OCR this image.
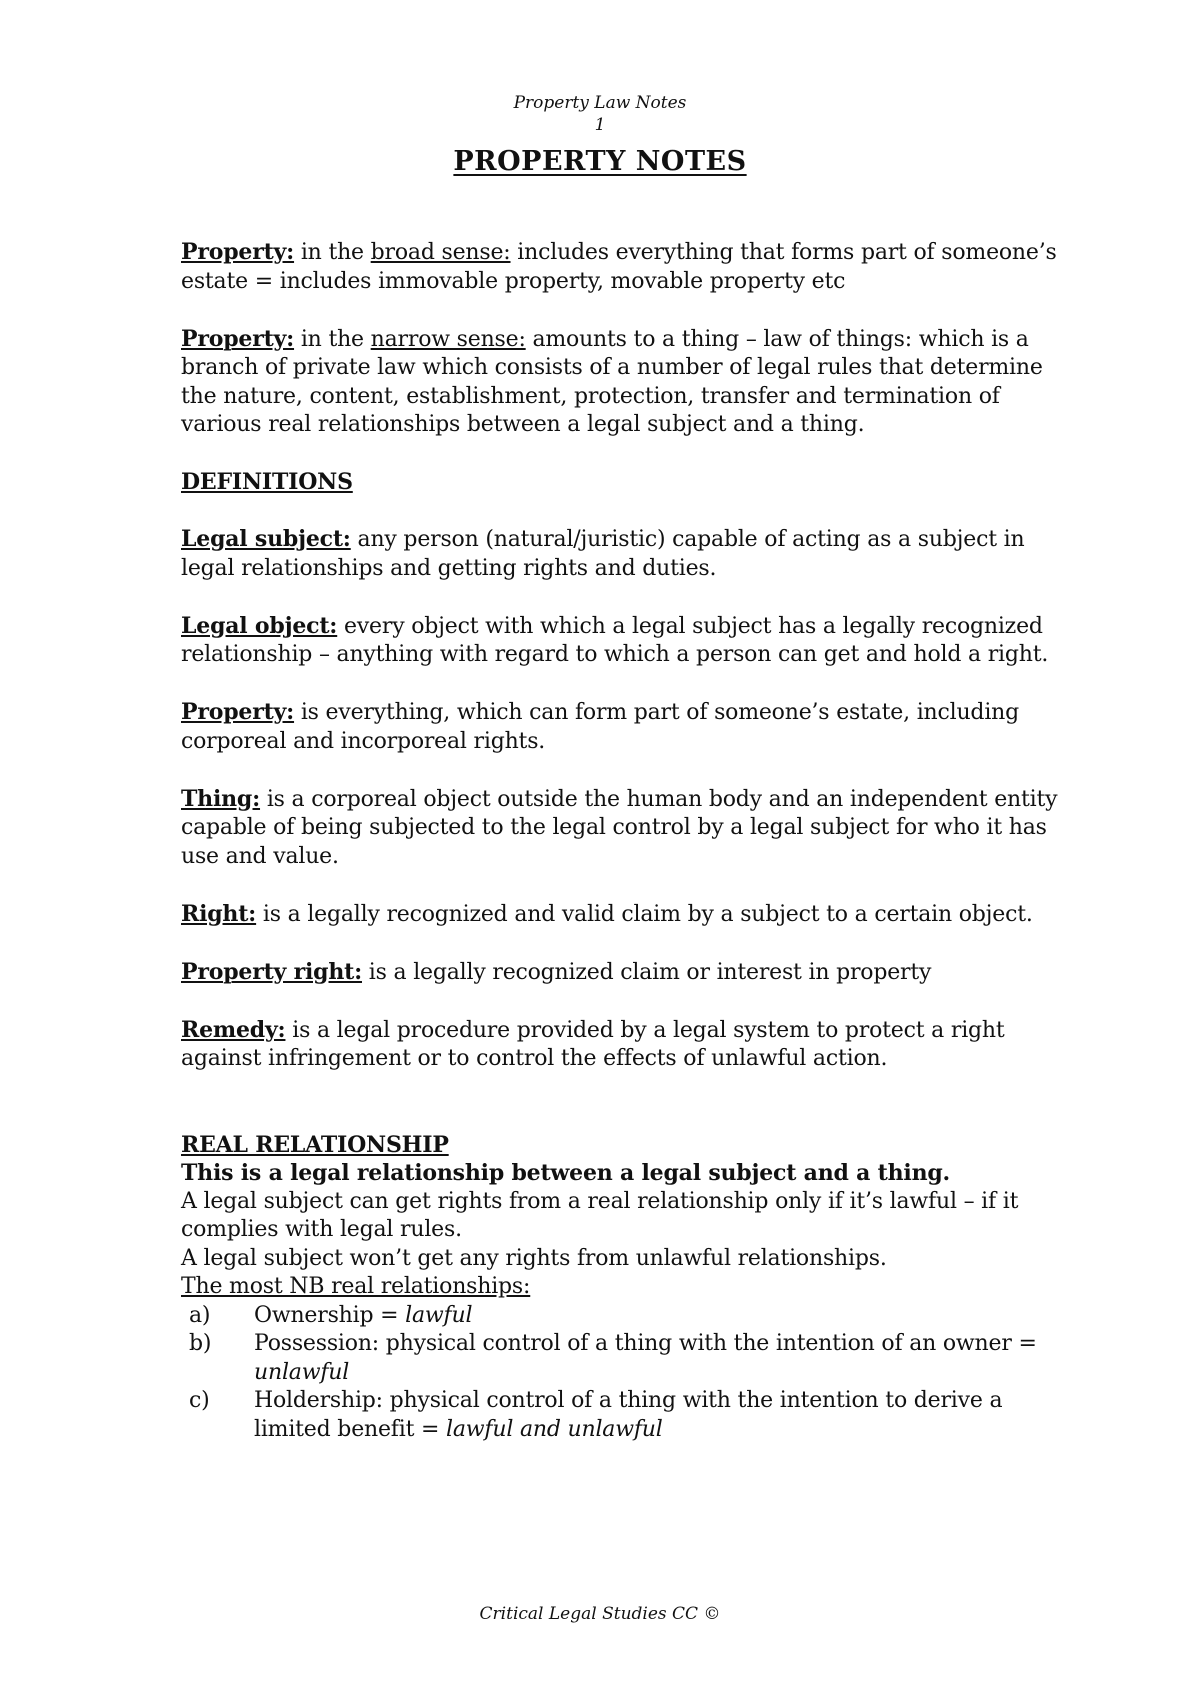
Property Law Notes
1
PROPERTY NOTES

Property: in the broad sense: includes everything that forms part of someone’s estate = includes immovable property, movable property etc

Property: in the narrow sense: amounts to a thing – law of things: which is a branch of private law which consists of a number of legal rules that determine the nature, content, establishment, protection, transfer and termination of various real relationships between a legal subject and a thing.

DEFINITIONS

Legal subject: any person (natural/juristic) capable of acting as a subject in legal relationships and getting rights and duties.

Legal object: every object with which a legal subject has a legally recognized relationship – anything with regard to which a person can get and hold a right.

Property: is everything, which can form part of someone’s estate, including corporeal and incorporeal rights.

Thing: is a corporeal object outside the human body and an independent entity capable of being subjected to the legal control by a legal subject for who it has use and value.

Right: is a legally recognized and valid claim by a subject to a certain object.

Property right: is a legally recognized claim or interest in property

Remedy: is a legal procedure provided by a legal system to protect a right against infringement or to control the effects of unlawful action.

REAL RELATIONSHIP

This is a legal relationship between a legal subject and a thing.

A legal subject can get rights from a real relationship only if it’s lawful – if it complies with legal rules.

A legal subject won’t get any rights from unlawful relationships.

The most NB real relationships:

a) Ownership = lawful
b) Possession: physical control of a thing with the intention of an owner = unlawful
c) Holdership: physical control of a thing with the intention to derive a limited benefit = lawful and unlawful
Critical Legal Studies CC ©
